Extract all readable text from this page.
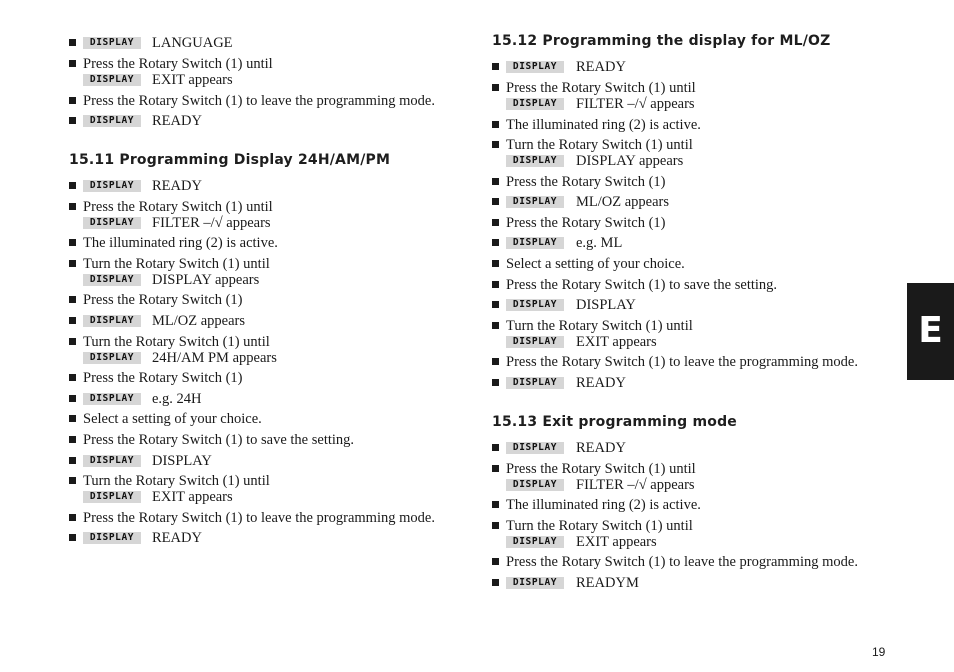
DISPLAY	LANGUAGE
Press the Rotary Switch (1) until
DISPLAY	EXIT appears
Press the Rotary Switch (1) to leave the programming mode.
DISPLAY	READY
15.11 Programming Display 24H/AM/PM
DISPLAY	READY
Press the Rotary Switch (1) until
DISPLAY	FILTER –/√ appears
The illuminated ring (2) is active.
Turn the Rotary Switch (1) until
DISPLAY	DISPLAY appears
Press the Rotary Switch (1)
DISPLAY	ML/OZ appears
Turn the Rotary Switch (1) until
DISPLAY	24H/AM PM appears
Press the Rotary Switch (1)
DISPLAY	e.g. 24H
Select a setting of your choice.
Press the Rotary Switch (1) to save the setting.
DISPLAY	DISPLAY
Turn the Rotary Switch (1) until
DISPLAY	EXIT appears
Press the Rotary Switch (1) to leave the programming mode.
DISPLAY	READY
15.12 Programming the display for ML/OZ
DISPLAY	READY
Press the Rotary Switch (1) until
DISPLAY	FILTER –/√ appears
The illuminated ring (2) is active.
Turn the Rotary Switch (1) until
DISPLAY	DISPLAY appears
Press the Rotary Switch (1)
DISPLAY	ML/OZ appears
Press the Rotary Switch (1)
DISPLAY	e.g. ML
Select a setting of your choice.
Press the Rotary Switch (1) to save the setting.
DISPLAY	DISPLAY
Turn the Rotary Switch (1) until
DISPLAY	EXIT appears
Press the Rotary Switch (1) to leave the programming mode.
DISPLAY	READY
15.13 Exit programming mode
DISPLAY	READY
Press the Rotary Switch (1) until
DISPLAY	FILTER –/√ appears
The illuminated ring (2) is active.
Turn the Rotary Switch (1) until
DISPLAY	EXIT appears
Press the Rotary Switch (1) to leave the programming mode.
DISPLAY	READYM
E
19
